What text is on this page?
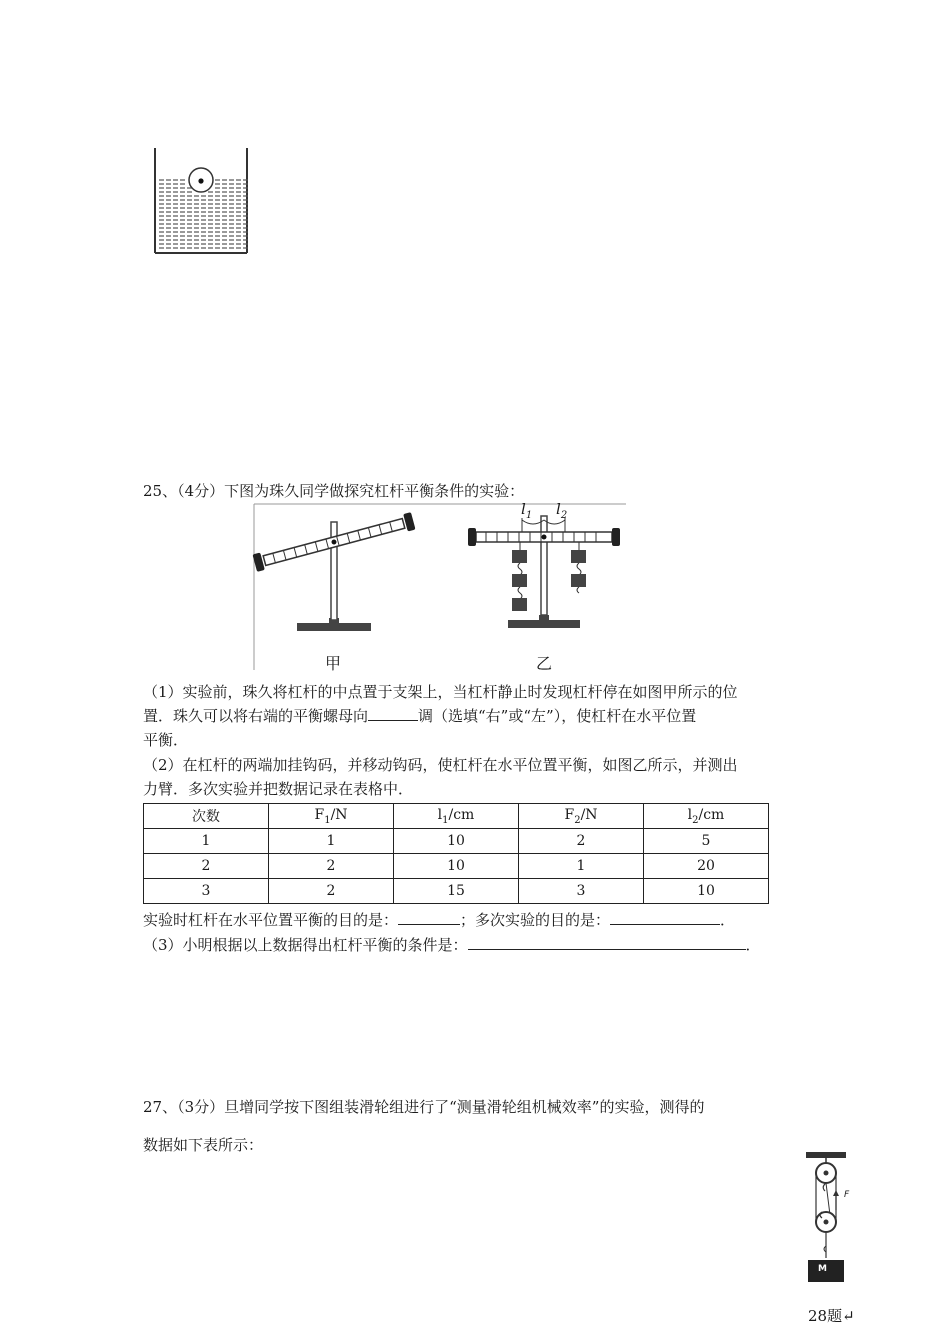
25、（4分）下图为珠久同学做探究杠杆平衡条件的实验：
$l_1$ $l_2$
甲	乙
（1）实验前，珠久将杠杆的中点置于支架上，当杠杆静止时发现杠杆停在如图甲所示的位
置．珠久可以将右端的平衡螺母向	调（选填“右”或“左”），使杠杆在水平位置
平衡．
（2）在杠杆的两端加挂钩码，并移动钩码，使杠杆在水平位置平衡，如图乙所示，并测出
力臂．多次实验并把数据记录在表格中．
次数	$F_1/N$	$l_1/cm$	$F_2/N$	$l_2/cm$
1	1	10	2	5
2	2	10	1	20
3	2	15	3	10
实验时杠杆在水平位置平衡的目的是：	；多次实验的目的是：	．
（3）小明根据以上数据得出杠杆平衡的条件是：	．
27、（3分）旦增同学按下图组装滑轮组进行了“测量滑轮组机械效率”的实验，测得的
数据如下表所示：
F
M
28题↵
